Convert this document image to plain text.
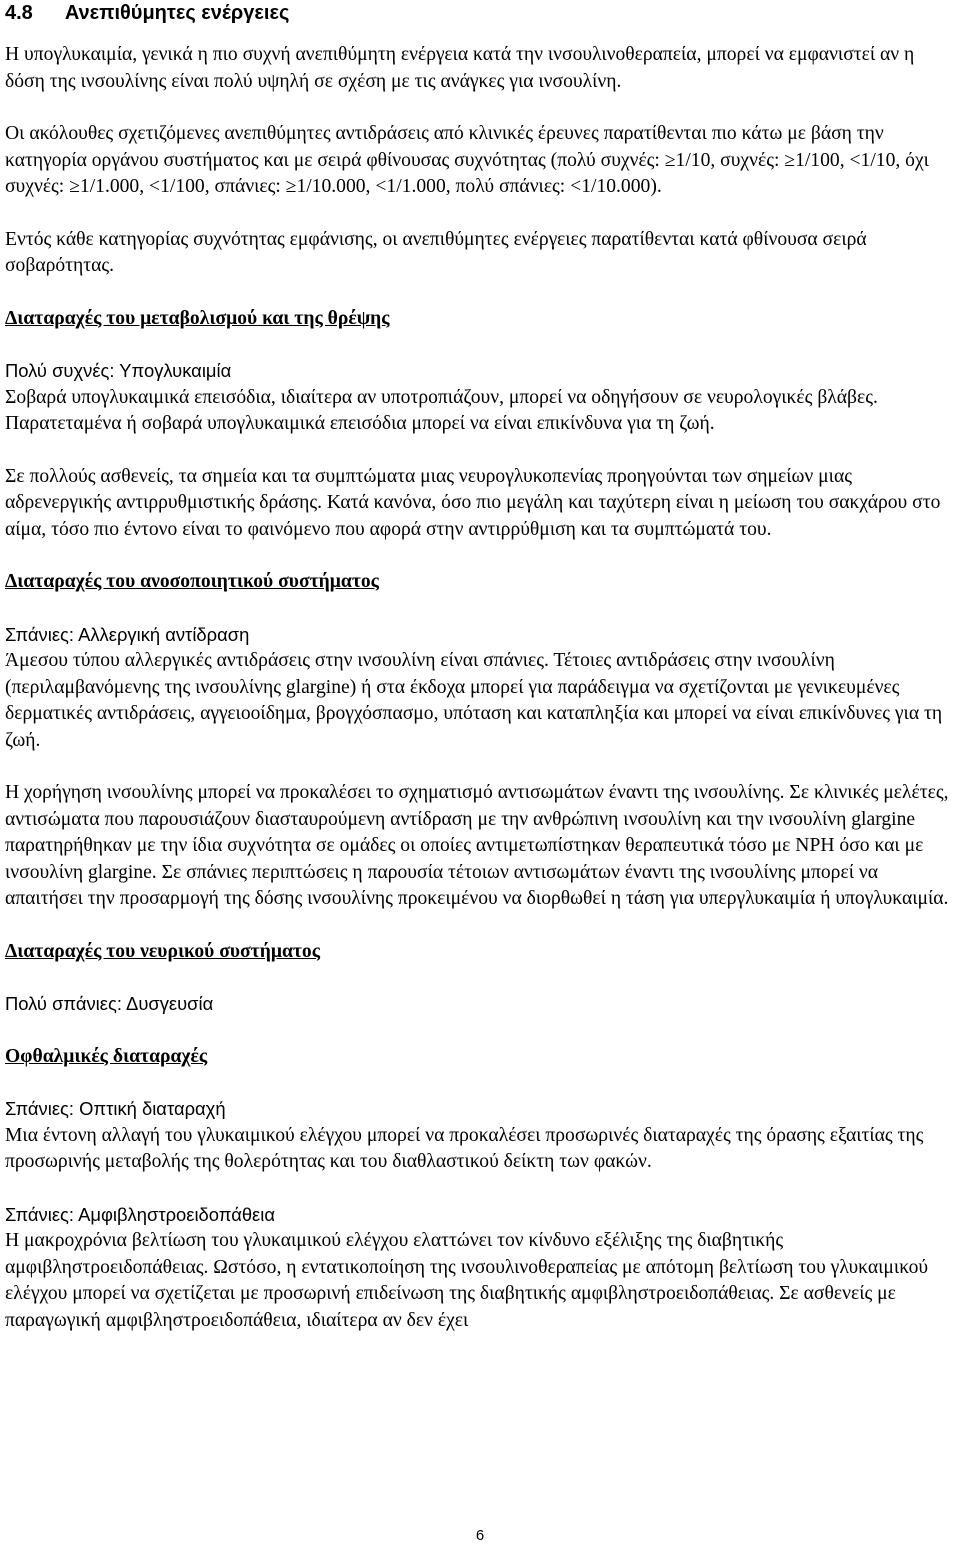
4.8 Ανεπιθύμητες ενέργειες

Η υπογλυκαιμία, γενικά η πιο συχνή ανεπιθύμητη ενέργεια κατά την ινσουλινοθεραπεία, μπορεί να εμφανιστεί αν η δόση της ινσουλίνης είναι πολύ υψηλή σε σχέση με τις ανάγκες για ινσουλίνη.

Οι ακόλουθες σχετιζόμενες ανεπιθύμητες αντιδράσεις από κλινικές έρευνες παρατίθενται πιο κάτω με βάση την κατηγορία οργάνου συστήματος και με σειρά φθίνουσας συχνότητας (πολύ συχνές: ≥1/10, συχνές: ≥1/100, <1/10, όχι συχνές: ≥1/1.000, <1/100, σπάνιες: ≥1/10.000, <1/1.000, πολύ σπάνιες: <1/10.000).

Εντός κάθε κατηγορίας συχνότητας εμφάνισης, οι ανεπιθύμητες ενέργειες παρατίθενται κατά φθίνουσα σειρά σοβαρότητας.

Διαταραχές του μεταβολισμού και της θρέψης

Πολύ συχνές: Υπογλυκαιμία

Σοβαρά υπογλυκαιμικά επεισόδια, ιδιαίτερα αν υποτροπιάζουν, μπορεί να οδηγήσουν σε νευρολογικές βλάβες. Παρατεταμένα ή σοβαρά υπογλυκαιμικά επεισόδια μπορεί να είναι επικίνδυνα για τη ζωή.

Σε πολλούς ασθενείς, τα σημεία και τα συμπτώματα μιας νευρογλυκοπενίας προηγούνται των σημείων μιας αδρενεργικής αντιρρυθμιστικής δράσης. Κατά κανόνα, όσο πιο μεγάλη και ταχύτερη είναι η μείωση του σακχάρου στο αίμα, τόσο πιο έντονο είναι το φαινόμενο που αφορά στην αντιρρύθμιση και τα συμπτώματά του.

Διαταραχές του ανοσοποιητικού συστήματος

Σπάνιες: Αλλεργική αντίδραση

Άμεσου τύπου αλλεργικές αντιδράσεις στην ινσουλίνη είναι σπάνιες. Τέτοιες αντιδράσεις στην ινσουλίνη (περιλαμβανόμενης της ινσουλίνης glargine) ή στα έκδοχα μπορεί για παράδειγμα να σχετίζονται με γενικευμένες δερματικές αντιδράσεις, αγγειοοίδημα, βρογχόσπασμο, υπόταση και καταπληξία και μπορεί να είναι επικίνδυνες για τη ζωή.

Η χορήγηση ινσουλίνης μπορεί να προκαλέσει το σχηματισμό αντισωμάτων έναντι της ινσουλίνης. Σε κλινικές μελέτες, αντισώματα που παρουσιάζουν διασταυρούμενη αντίδραση με την ανθρώπινη ινσουλίνη και την ινσουλίνη glargine παρατηρήθηκαν με την ίδια συχνότητα σε ομάδες οι οποίες αντιμετωπίστηκαν θεραπευτικά τόσο με NPH όσο και με ινσουλίνη glargine. Σε σπάνιες περιπτώσεις η παρουσία τέτοιων αντισωμάτων έναντι της ινσουλίνης μπορεί να απαιτήσει την προσαρμογή της δόσης ινσουλίνης προκειμένου να διορθωθεί η τάση για υπεργλυκαιμία ή υπογλυκαιμία.

Διαταραχές του νευρικού συστήματος

Πολύ σπάνιες: Δυσγευσία

Οφθαλμικές διαταραχές

Σπάνιες: Οπτική διαταραχή

Μια έντονη αλλαγή του γλυκαιμικού ελέγχου μπορεί να προκαλέσει προσωρινές διαταραχές της όρασης εξαιτίας της προσωρινής μεταβολής της θολερότητας και του διαθλαστικού δείκτη των φακών.

Σπάνιες: Αμφιβληστροειδοπάθεια

Η μακροχρόνια βελτίωση του γλυκαιμικού ελέγχου ελαττώνει τον κίνδυνο εξέλιξης της διαβητικής αμφιβληστροειδοπάθειας. Ωστόσο, η εντατικοποίηση της ινσουλινοθεραπείας με απότομη βελτίωση του γλυκαιμικού ελέγχου μπορεί να σχετίζεται με προσωρινή επιδείνωση της διαβητικής αμφιβληστροειδοπάθειας. Σε ασθενείς με παραγωγική αμφιβληστροειδοπάθεια, ιδιαίτερα αν δεν έχει

6
